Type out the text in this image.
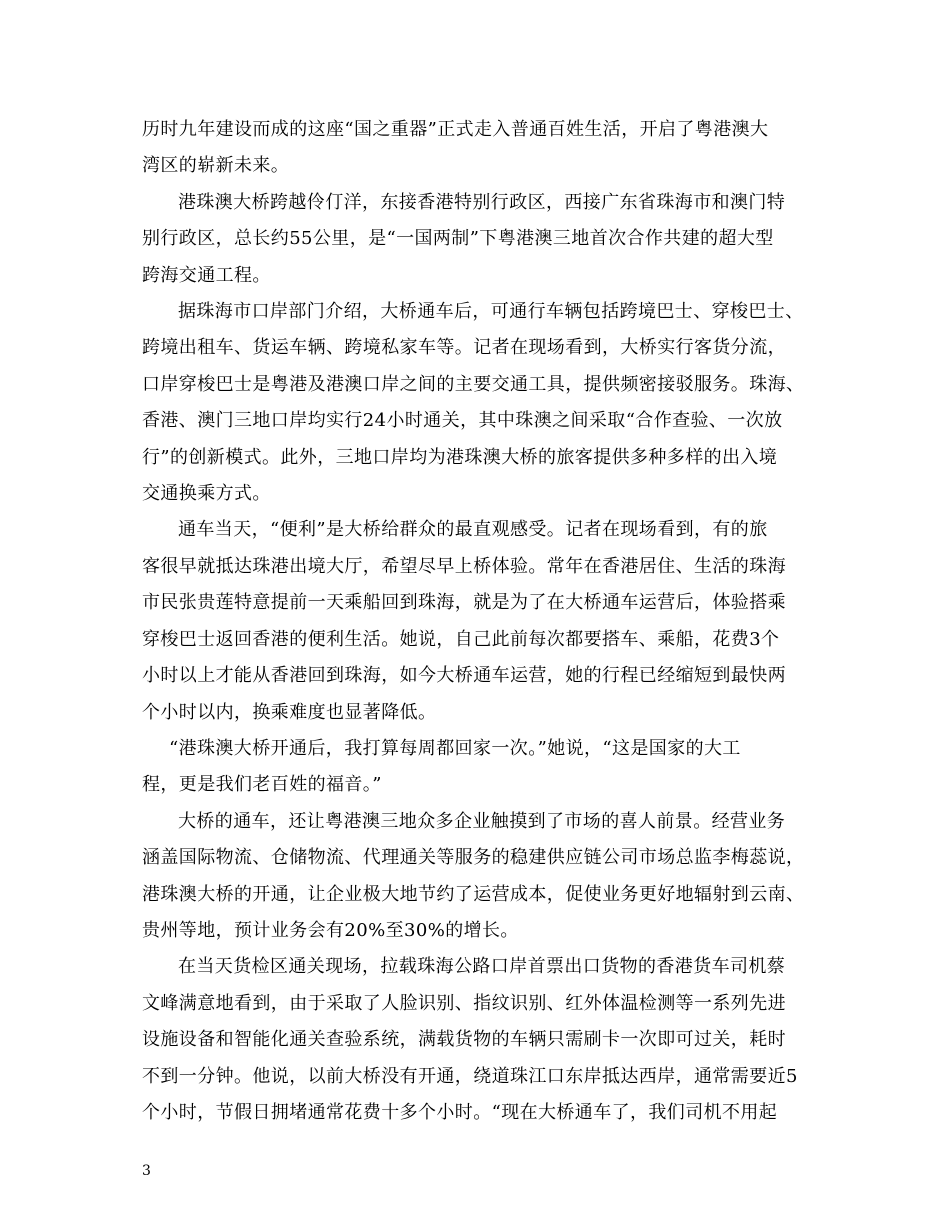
历时九年建设而成的这座“国之重器”正式走入普通百姓生活，开启了粤港澳大
湾区的崭新未来。

港珠澳大桥跨越伶仃洋，东接香港特别行政区，西接广东省珠海市和澳门特
别行政区，总长约55公里，是“一国两制”下粤港澳三地首次合作共建的超大型
跨海交通工程。

据珠海市口岸部门介绍，大桥通车后，可通行车辆包括跨境巴士、穿梭巴士、
跨境出租车、货运车辆、跨境私家车等。记者在现场看到，大桥实行客货分流，
口岸穿梭巴士是粤港及港澳口岸之间的主要交通工具，提供频密接驳服务。珠海、
香港、澳门三地口岸均实行24小时通关，其中珠澳之间采取“合作查验、一次放
行”的创新模式。此外，三地口岸均为港珠澳大桥的旅客提供多种多样的出入境
交通换乘方式。

通车当天，“便利”是大桥给群众的最直观感受。记者在现场看到，有的旅
客很早就抵达珠港出境大厅，希望尽早上桥体验。常年在香港居住、生活的珠海
市民张贵莲特意提前一天乘船回到珠海，就是为了在大桥通车运营后，体验搭乘
穿梭巴士返回香港的便利生活。她说，自己此前每次都要搭车、乘船，花费3个
小时以上才能从香港回到珠海，如今大桥通车运营，她的行程已经缩短到最快两
个小时以内，换乘难度也显著降低。

“港珠澳大桥开通后，我打算每周都回家一次。”她说，“这是国家的大工
程，更是我们老百姓的福音。”

大桥的通车，还让粤港澳三地众多企业触摸到了市场的喜人前景。经营业务
涵盖国际物流、仓储物流、代理通关等服务的稳建供应链公司市场总监李梅蕊说，
港珠澳大桥的开通，让企业极大地节约了运营成本，促使业务更好地辐射到云南、
贵州等地，预计业务会有20%至30%的增长。

在当天货检区通关现场，拉载珠海公路口岸首票出口货物的香港货车司机蔡
文峰满意地看到，由于采取了人脸识别、指纹识别、红外体温检测等一系列先进
设施设备和智能化通关查验系统，满载货物的车辆只需刷卡一次即可过关，耗时
不到一分钟。他说，以前大桥没有开通，绕道珠江口东岸抵达西岸，通常需要近5
个小时，节假日拥堵通常花费十多个小时。“现在大桥通车了，我们司机不用起

3
